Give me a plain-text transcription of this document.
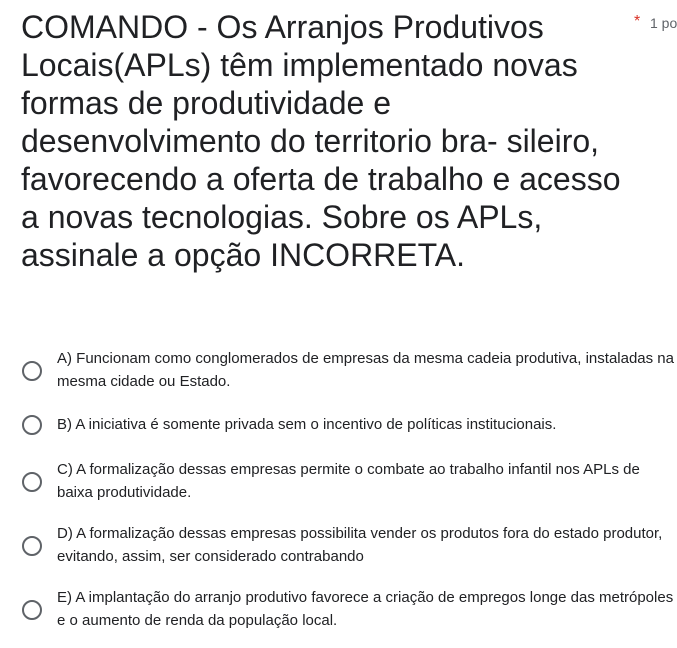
COMANDO - Os Arranjos Produtivos Locais(APLs) têm implementado novas formas de produtividade e desenvolvimento do territorio bra- sileiro, favorecendo a oferta de trabalho e acesso a novas tecnologias. Sobre os APLs, assinale a opção INCORRETA.
* 1 po
A) Funcionam como conglomerados de empresas da mesma cadeia produtiva, instaladas na mesma cidade ou Estado.
B) A iniciativa é somente privada sem o incentivo de políticas institucionais.
C) A formalização dessas empresas permite o combate ao trabalho infantil nos APLs de baixa produtividade.
D) A formalização dessas empresas possibilita vender os produtos fora do estado produtor, evitando, assim, ser considerado contrabando
E) A implantação do arranjo produtivo favorece a criação de empregos longe das metrópoles e o aumento de renda da população local.
